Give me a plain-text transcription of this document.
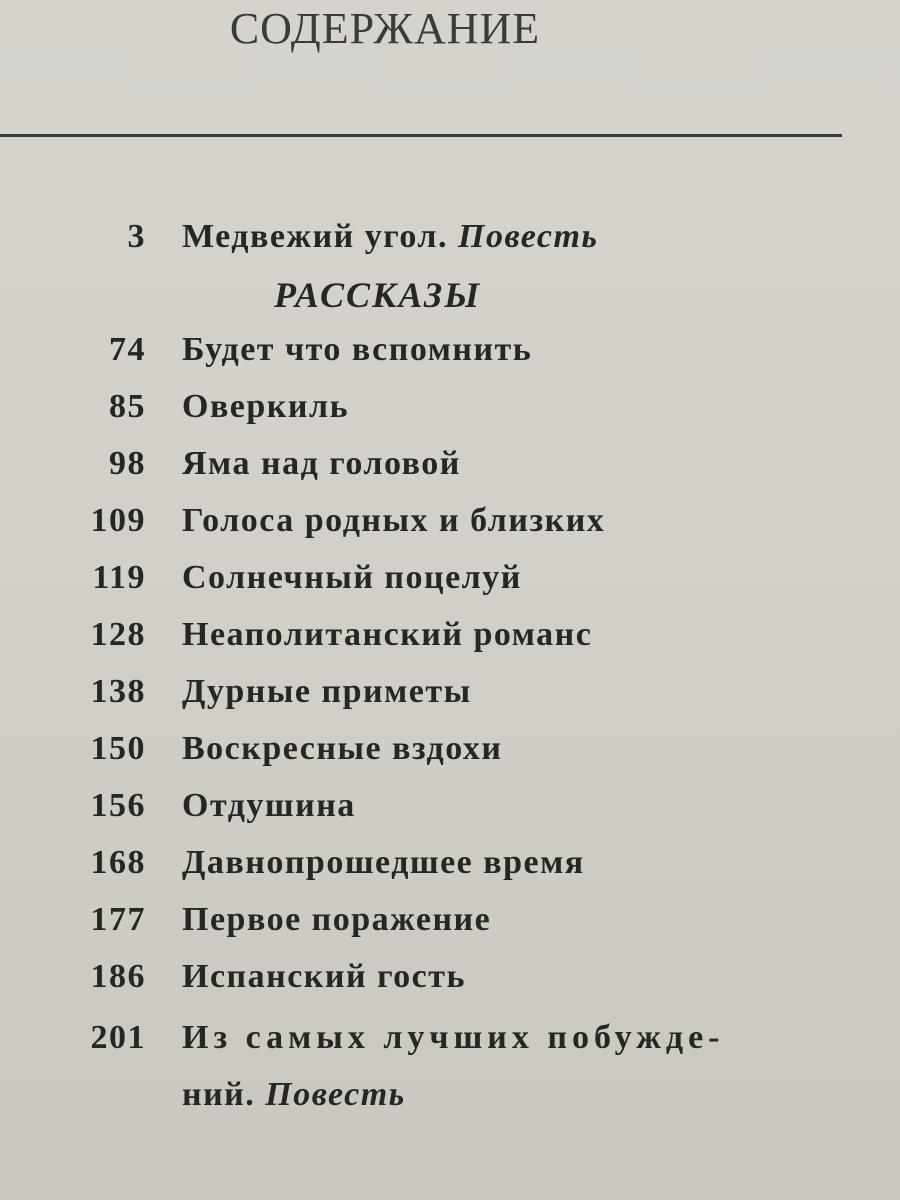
СОДЕРЖАНИЕ
3 Медвежий угол. Повесть
РАССКАЗЫ
74 Будет что вспомнить
85 Оверкиль
98 Яма над головой
109 Голоса родных и близких
119 Солнечный поцелуй
128 Неаполитанский романс
138 Дурные приметы
150 Воскресные вздохи
156 Отдушина
168 Давнопрошедшее время
177 Первое поражение
186 Испанский гость
201 Из самых лучших побужде-
ний. Повесть
